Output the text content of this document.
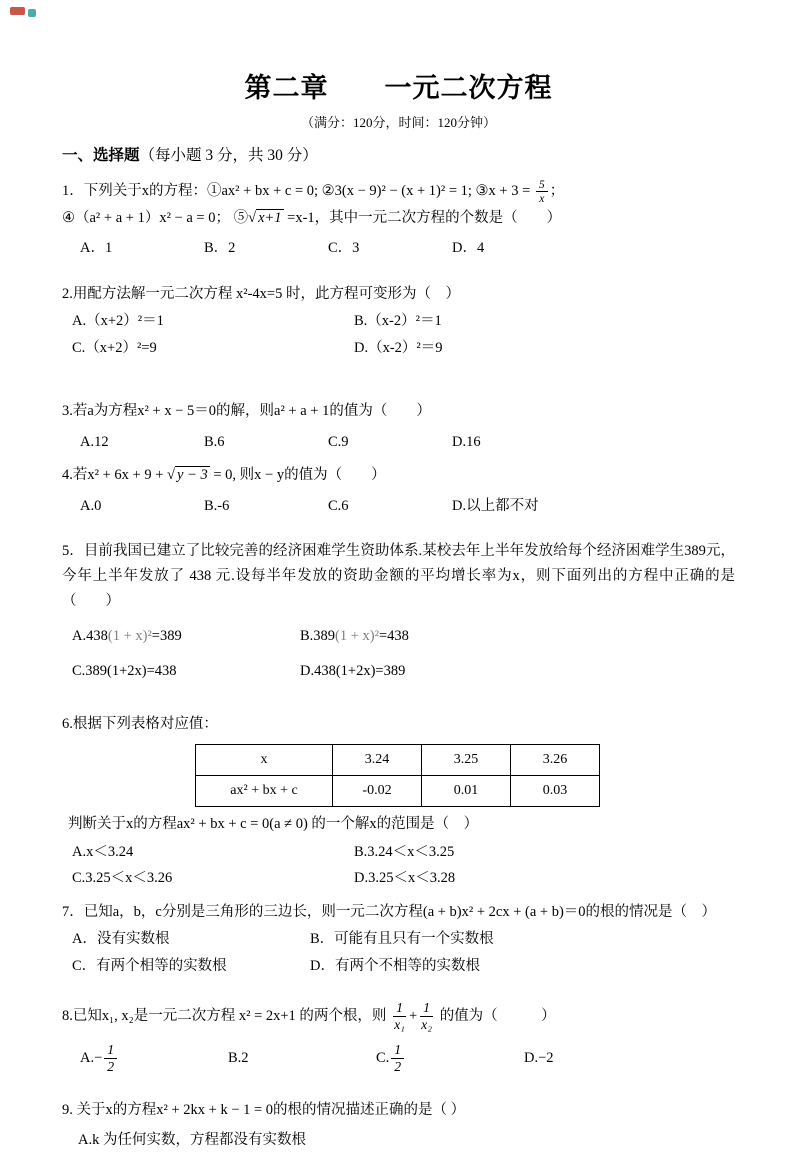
第二章　　一元二次方程
（满分：120分，时间：120分钟）
一、选择题（每小题 3 分，共 30 分）
1．下列关于x的方程：①ax² + bx + c = 0; ②3(x − 9)² − (x + 1)² = 1; ③x + $3 = \frac{5}{x}$ ；
④（a² + a + 1）x² − a = 0； ⑤√ x+1 =x-1，其中一元二次方程的个数是（　　）
A．1	B．2	C．3	D．4
2.用配方法解一元二次方程 x²-4x=5 时，此方程可变形为（　）
A.（x+2）²＝1	B.（x-2）²＝1
C.（x+2）²=9	D.（x-2）²＝9
3.若a为方程x² + x − 5＝0的解，则a² + a + 1的值为（　　）
A.12	B.6	C.9	D.16
4.若x² + 6x + 9 + √ y − 3 = 0, 则x − y的值为（　　）
A.0	B.-6	C.6	D.以上都不对
5．目前我国已建立了比较完善的经济困难学生资助体系.某校去年上半年发放给每个经济困难学生389元，今年上半年发放了 438 元.设每半年发放的资助金额的平均增长率为x，则下面列出的方程中正确的是（　　）
A.438(1 + x)²=389	B.389(1 + x)²=438
C.389(1+2x)=438	D.438(1+2x)=389
6.根据下列表格对应值：
x	3.24	3.25	3.26
ax² + bx + c	-0.02	0.01	0.03
判断关于x的方程ax² + bx + c = 0(a ≠ 0) 的一个解x的范围是（　）
A.x＜3.24	B.3.24＜x＜3.25
C.3.25＜x＜3.26	D.3.25＜x＜3.28
7．已知a，b，c分别是三角形的三边长，则一元二次方程(a + b)x² + 2cx + (a + b)＝0的根的情况是（　）
A．没有实数根	B．可能有且只有一个实数根
C．有两个相等的实数根	D．有两个不相等的实数根
8.已知x₁, x₂是一元二次方程 x² = 2x+1 的两个根，则 $\frac{1}{\text{x₁}} + \frac{1}{\text{x₂}}$ 的值为（　　　）
$A.- \frac{1}{2}$	B.2	C. $\frac{1}{2}$	D.−2
9. 关于x的方程x² + 2kx + k − 1 = 0的根的情况描述正确的是（ ）
A.k 为任何实数，方程都没有实数根
